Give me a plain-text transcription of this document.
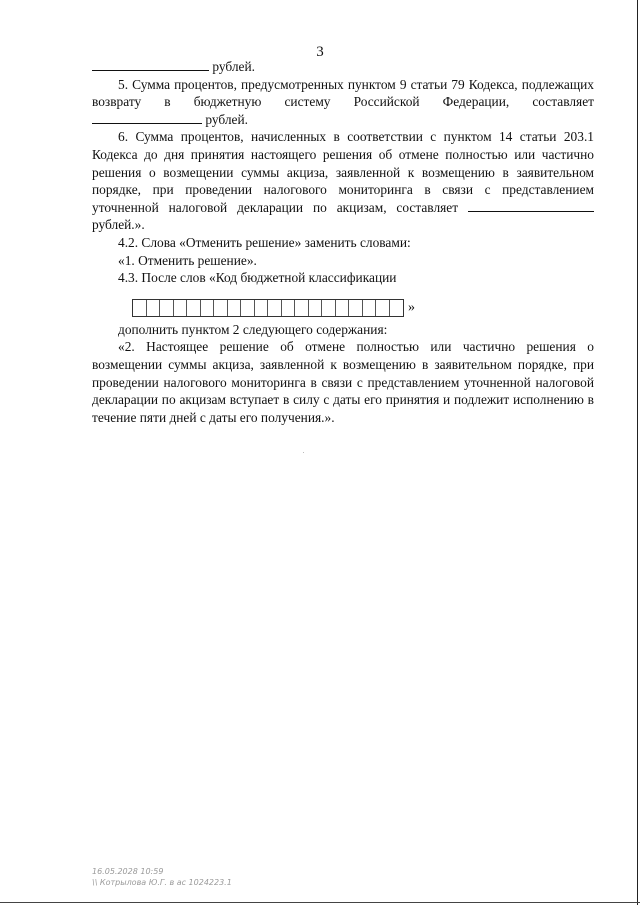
3

рублей.

5. Сумма процентов, предусмотренных пунктом 9 статьи 79 Кодекса, подлежащих

возврату в бюджетную систему Российской Федерации, составляет

рублей.

6. Сумма процентов, начисленных в соответствии с пунктом 14 статьи 203.1 Кодекса до дня принятия настоящего решения об отмене полностью или частично решения о возмещении суммы акциза, заявленной к возмещению в заявительном порядке, при проведении налогового мониторинга в связи с представлением уточненной налоговой декларации по акцизам, составляет  рублей.».

4.2. Слова «Отменить решение» заменить словами:

«1. Отменить решение».

4.3. После слов «Код бюджетной классификации

»

дополнить пунктом 2 следующего содержания:

«2. Настоящее решение об отмене полностью или частично решения о возмещении суммы акциза, заявленной к возмещению в заявительном порядке, при проведении налогового мониторинга в связи с представлением уточненной налоговой декларации по акцизам вступает в силу с даты его принятия и подлежит исполнению в течение пяти дней с даты его получения.».

16.05.2028 10:59
\\ Котрылова Ю.Г. в ас 1024223.1
